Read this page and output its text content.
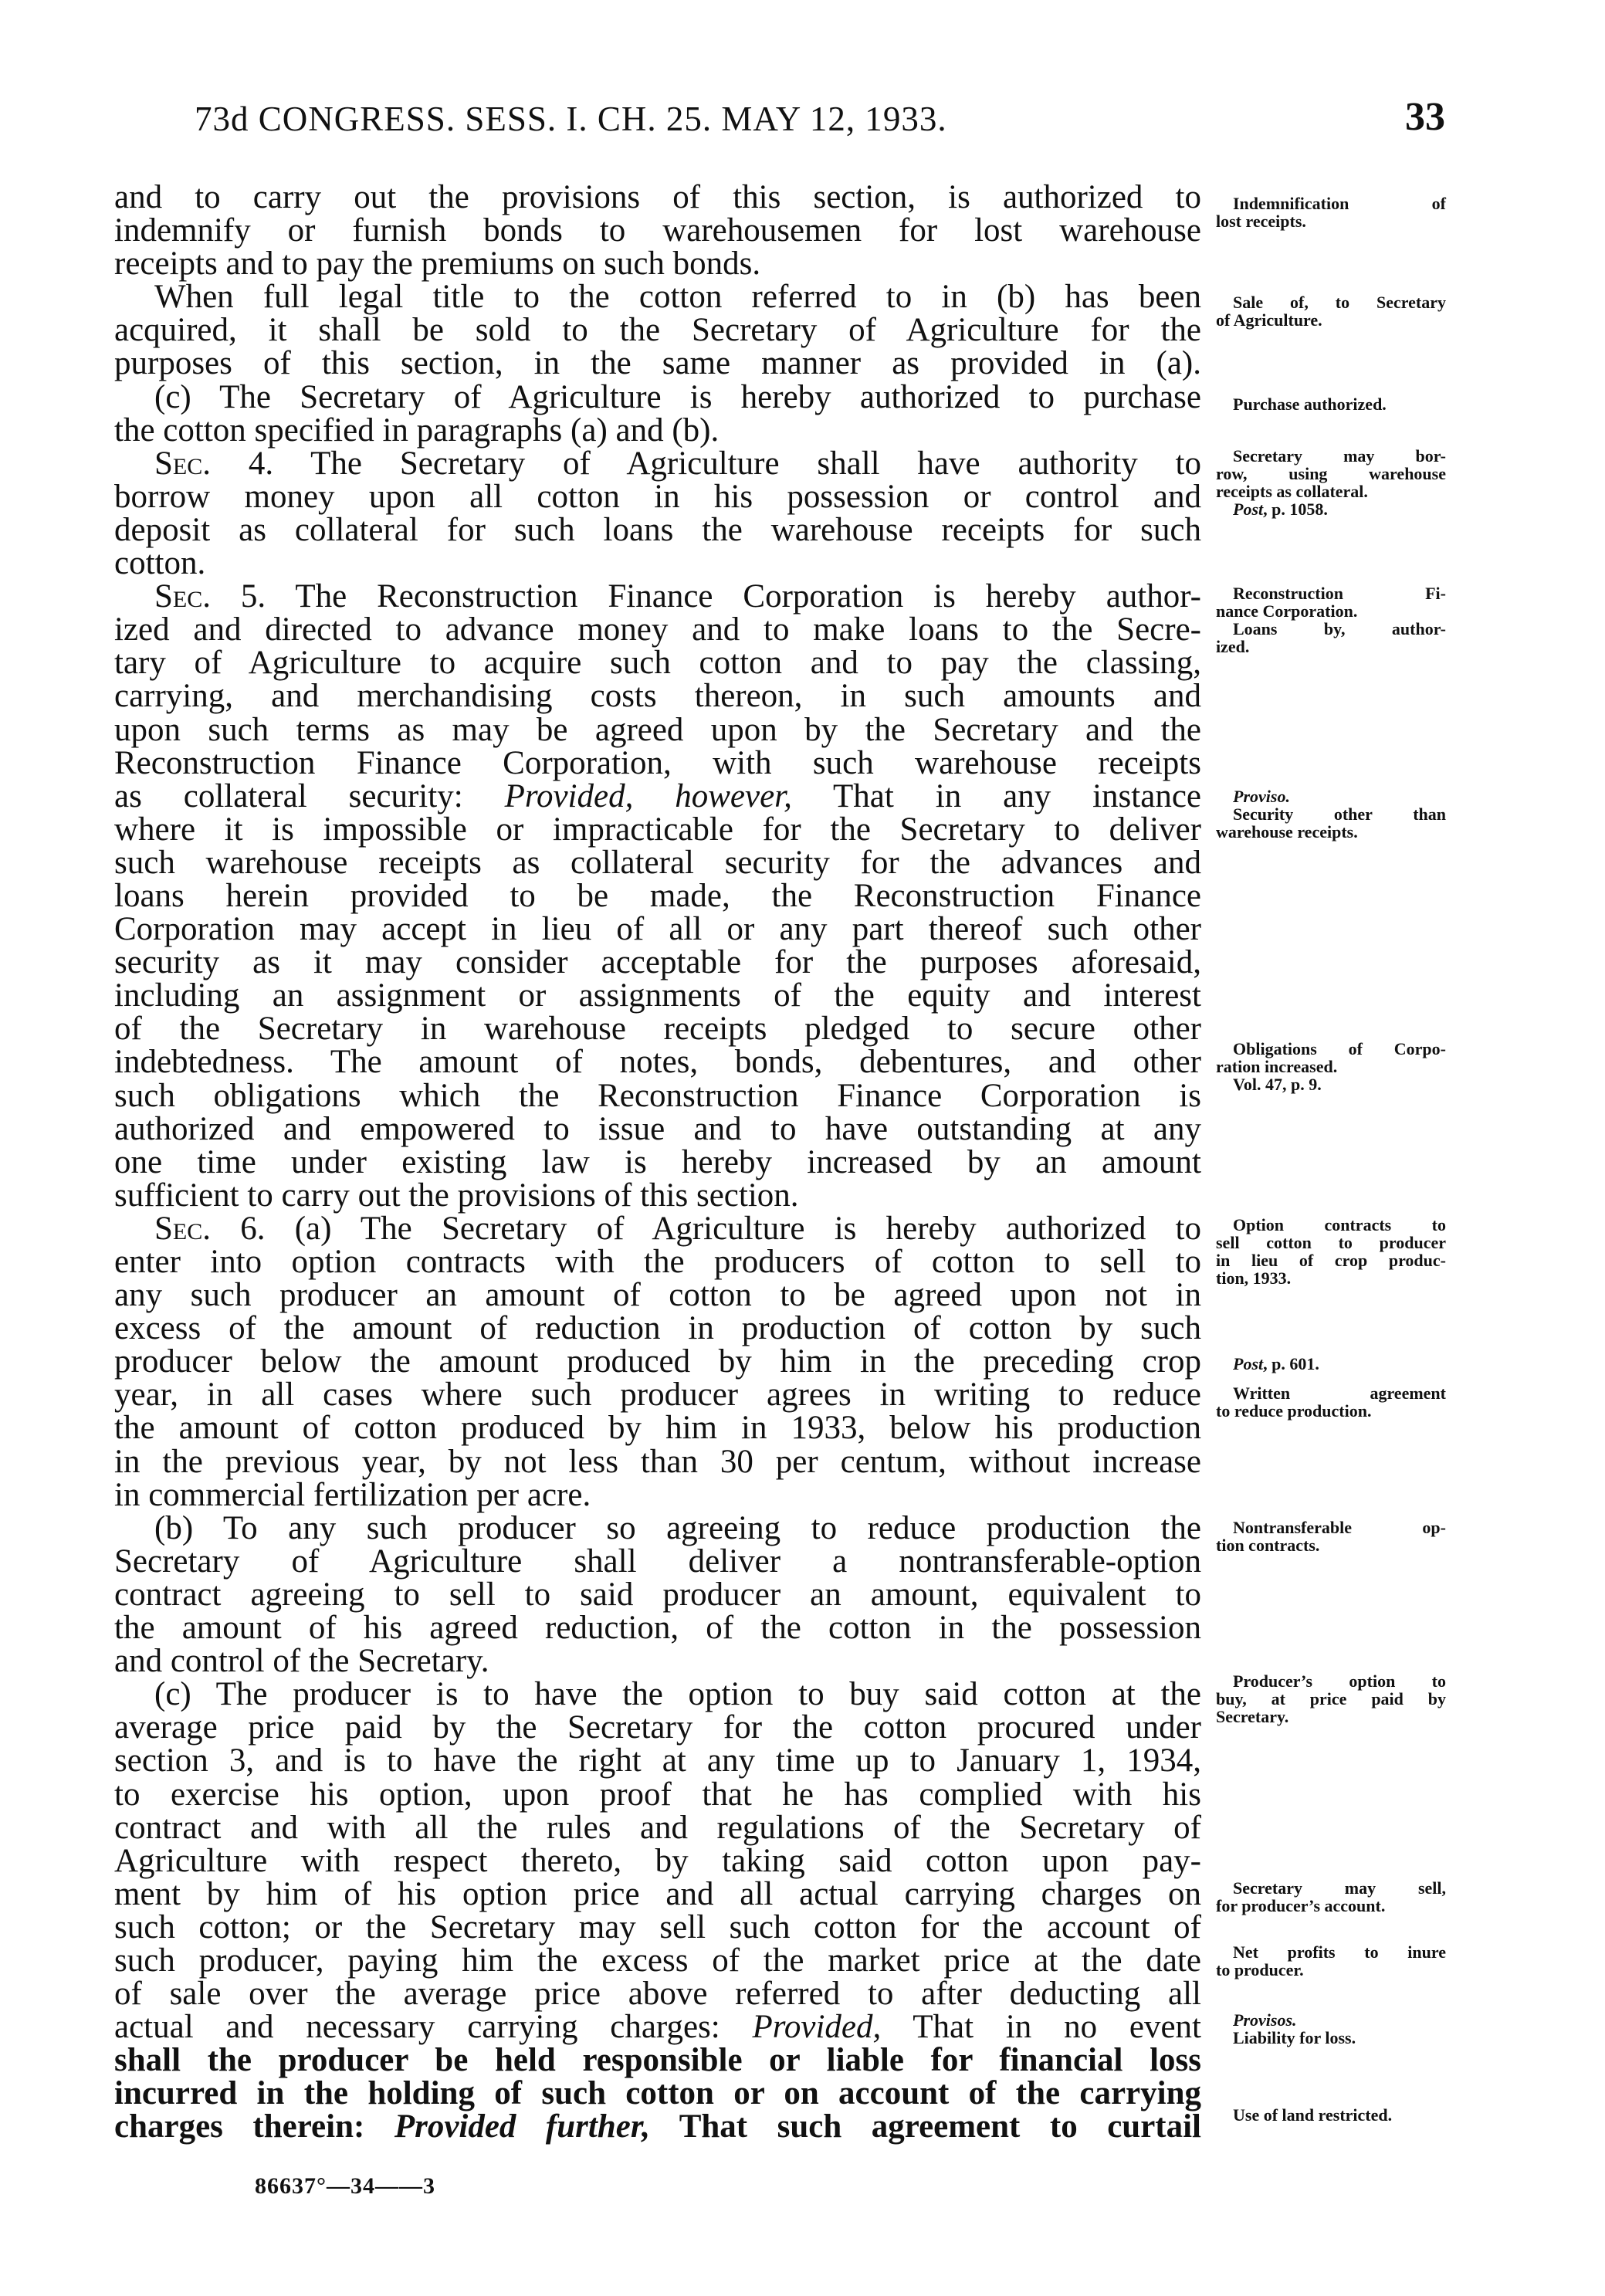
73d CONGRESS. SESS. I. CH. 25. MAY 12, 1933.	33
and to carry out the provisions of this section, is authorized to
indemnify or furnish bonds to warehousemen for lost warehouse
receipts and to pay the premiums on such bonds.
When full legal title to the cotton referred to in (b) has been
acquired, it shall be sold to the Secretary of Agriculture for the
purposes of this section, in the same manner as provided in (a).
(c) The Secretary of Agriculture is hereby authorized to purchase
the cotton specified in paragraphs (a) and (b).
Sec. 4. The Secretary of Agriculture shall have authority to
borrow money upon all cotton in his possession or control and
deposit as collateral for such loans the warehouse receipts for such
cotton.
Sec. 5. The Reconstruction Finance Corporation is hereby author-
ized and directed to advance money and to make loans to the Secre-
tary of Agriculture to acquire such cotton and to pay the classing,
carrying, and merchandising costs thereon, in such amounts and
upon such terms as may be agreed upon by the Secretary and the
Reconstruction Finance Corporation, with such warehouse receipts
as collateral security: Provided, however, That in any instance
where it is impossible or impracticable for the Secretary to deliver
such warehouse receipts as collateral security for the advances and
loans herein provided to be made, the Reconstruction Finance
Corporation may accept in lieu of all or any part thereof such other
security as it may consider acceptable for the purposes aforesaid,
including an assignment or assignments of the equity and interest
of the Secretary in warehouse receipts pledged to secure other
indebtedness. The amount of notes, bonds, debentures, and other
such obligations which the Reconstruction Finance Corporation is
authorized and empowered to issue and to have outstanding at any
one time under existing law is hereby increased by an amount
sufficient to carry out the provisions of this section.
Sec. 6. (a) The Secretary of Agriculture is hereby authorized to
enter into option contracts with the producers of cotton to sell to
any such producer an amount of cotton to be agreed upon not in
excess of the amount of reduction in production of cotton by such
producer below the amount produced by him in the preceding crop
year, in all cases where such producer agrees in writing to reduce
the amount of cotton produced by him in 1933, below his production
in the previous year, by not less than 30 per centum, without increase
in commercial fertilization per acre.
(b) To any such producer so agreeing to reduce production the
Secretary of Agriculture shall deliver a nontransferable-option
contract agreeing to sell to said producer an amount, equivalent to
the amount of his agreed reduction, of the cotton in the possession
and control of the Secretary.
(c) The producer is to have the option to buy said cotton at the
average price paid by the Secretary for the cotton procured under
section 3, and is to have the right at any time up to January 1, 1934,
to exercise his option, upon proof that he has complied with his
contract and with all the rules and regulations of the Secretary of
Agriculture with respect thereto, by taking said cotton upon pay-
ment by him of his option price and all actual carrying charges on
such cotton; or the Secretary may sell such cotton for the account of
such producer, paying him the excess of the market price at the date
of sale over the average price above referred to after deducting all
actual and necessary carrying charges: Provided, That in no event
shall the producer be held responsible or liable for financial loss
incurred in the holding of such cotton or on account of the carrying
charges therein: Provided further, That such agreement to curtail
Indemnification of
lost receipts.
Sale of, to Secretary
of Agriculture.
Purchase authorized.
Secretary may bor-
row, using warehouse
receipts as collateral.
Post, p. 1058.
Reconstruction Fi-
nance Corporation.
Loans by, author-
ized.
Proviso.
Security other than
warehouse receipts.
Obligations of Corpo-
ration increased.
Vol. 47, p. 9.
Option contracts to
sell cotton to producer
in lieu of crop produc-
tion, 1933.
Post, p. 601.
Written agreement
to reduce production.
Nontransferable op-
tion contracts.
Producer’s option to
buy, at price paid by
Secretary.
Secretary may sell,
for producer’s account.
Net profits to inure
to producer.
Provisos.
Liability for loss.
Use of land restricted.
86637°—34——3
